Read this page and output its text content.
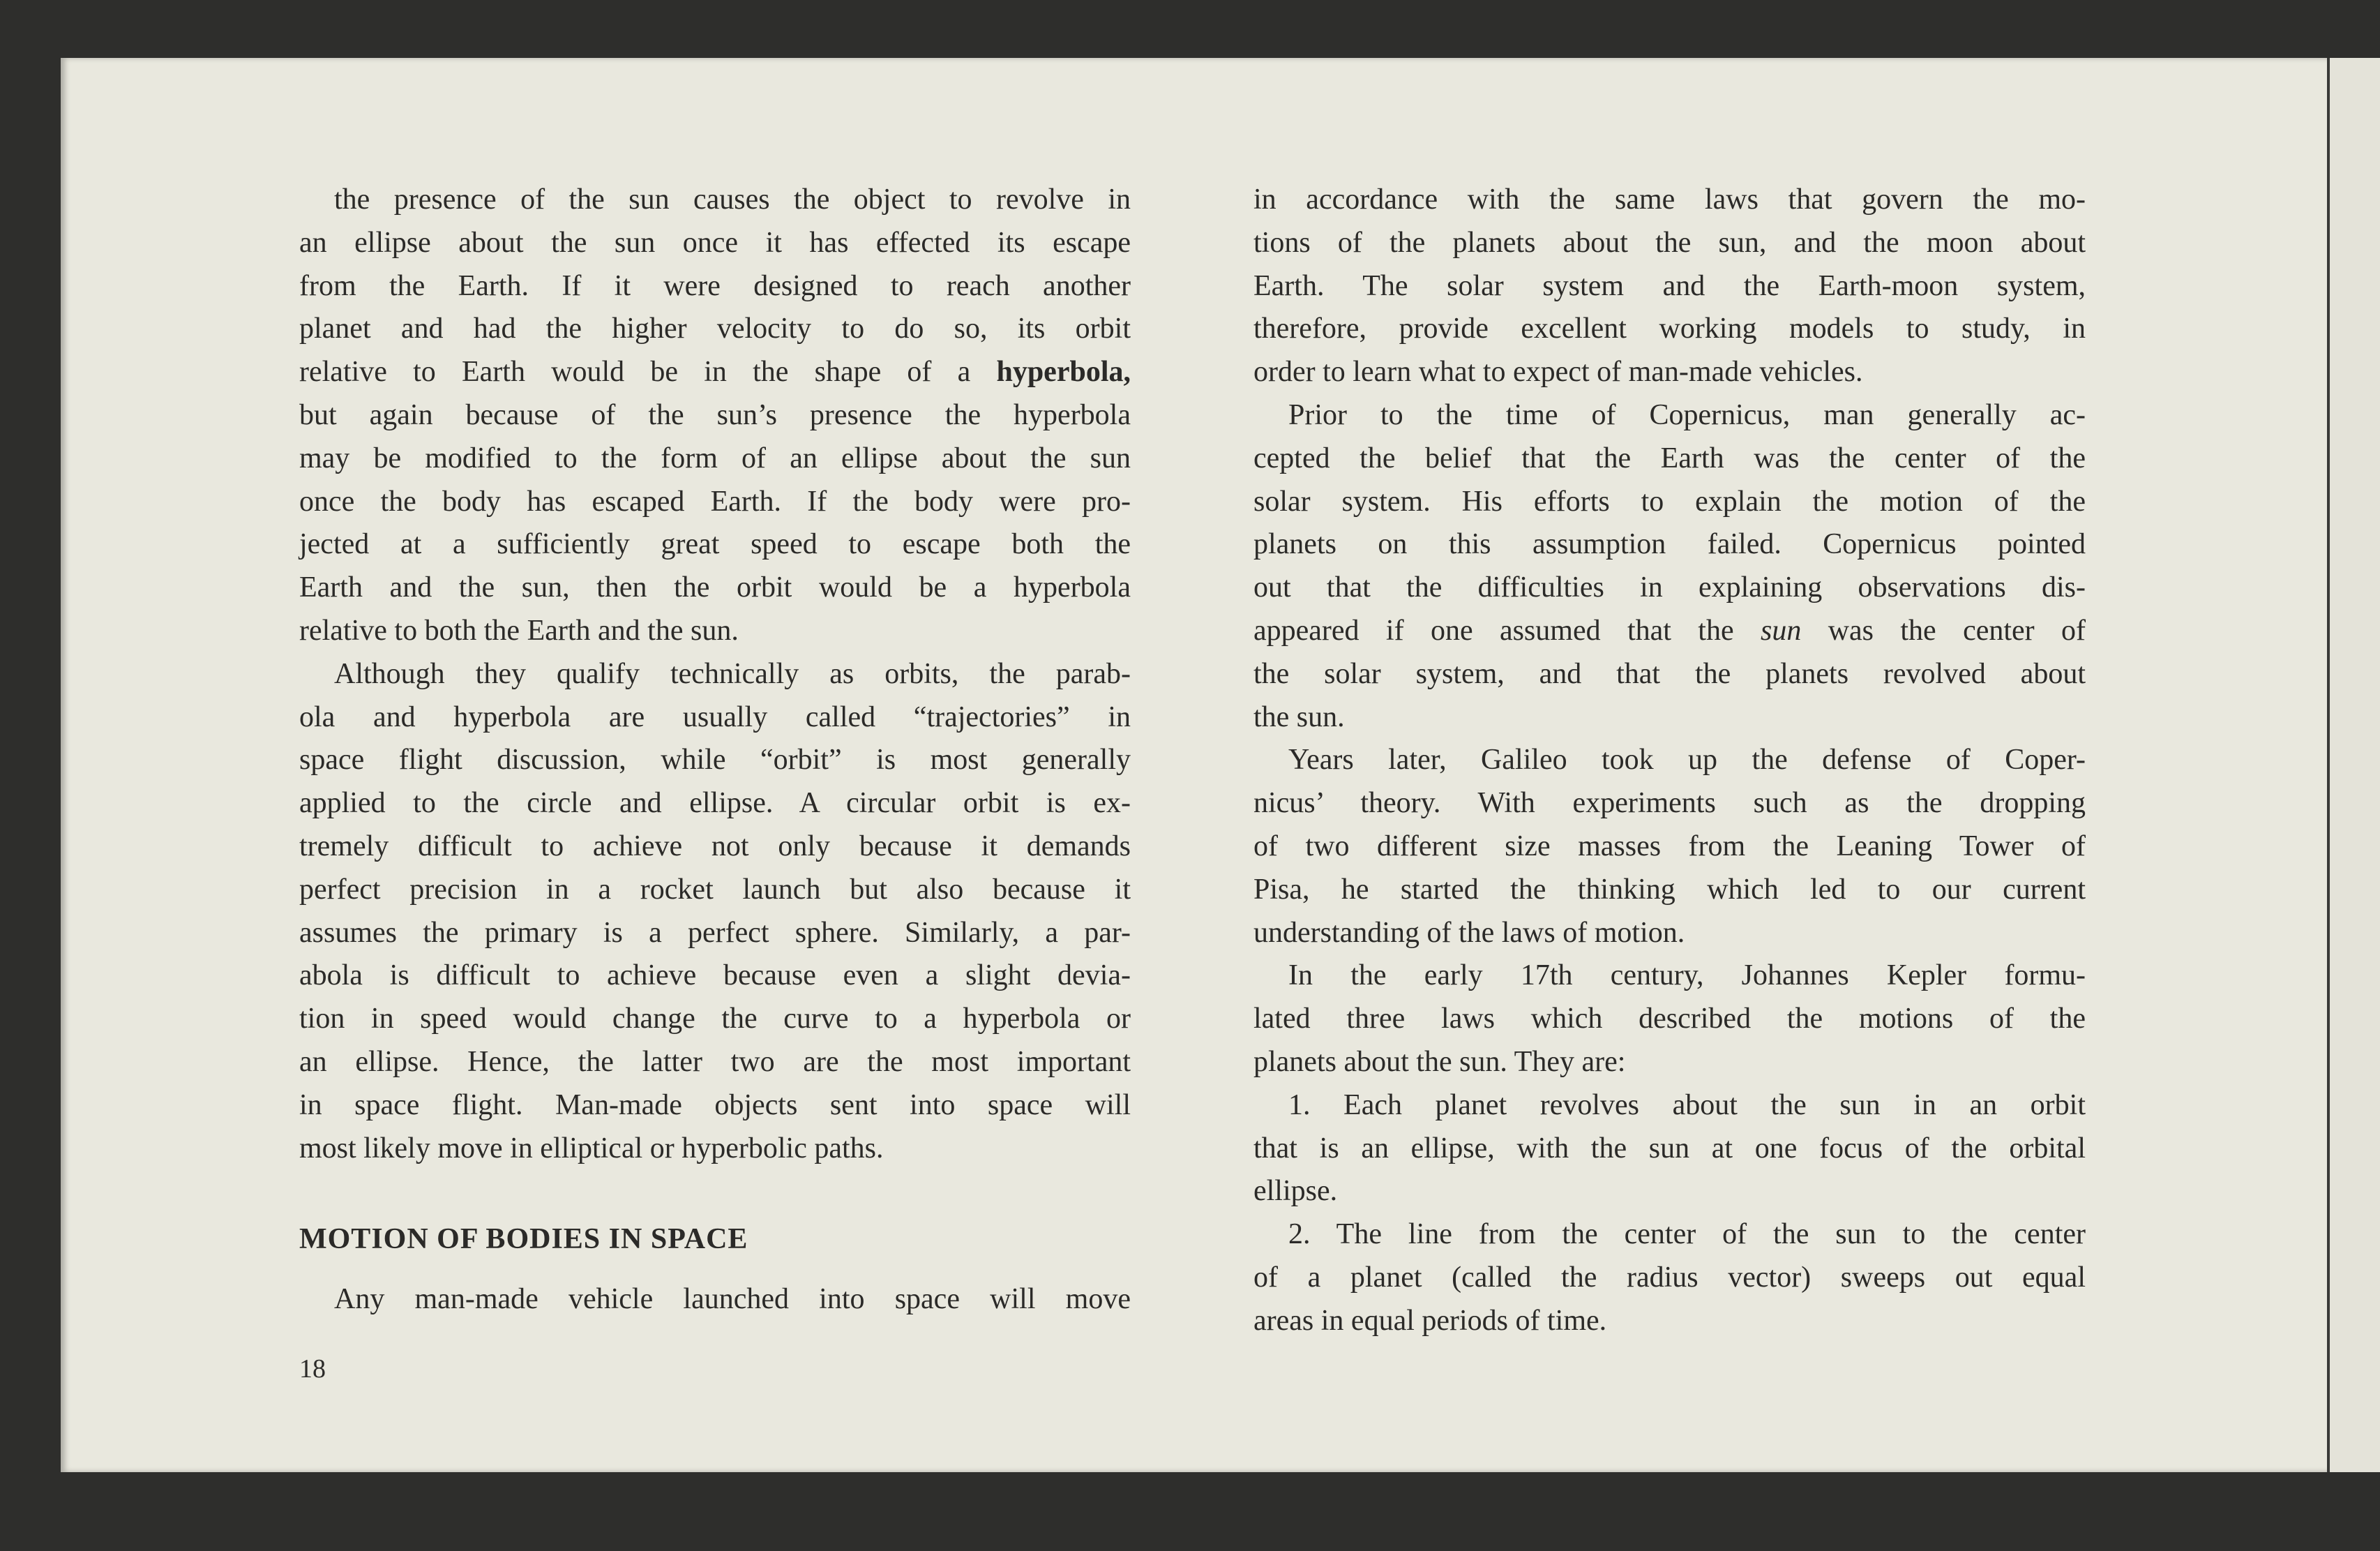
the presence of the sun causes the object to revolve in
an ellipse about the sun once it has effected its escape
from the Earth. If it were designed to reach another
planet and had the higher velocity to do so, its orbit
relative to Earth would be in the shape of a hyperbola,
but again because of the sun’s presence the hyperbola
may be modified to the form of an ellipse about the sun
once the body has escaped Earth. If the body were pro-
jected at a sufficiently great speed to escape both the
Earth and the sun, then the orbit would be a hyperbola
relative to both the Earth and the sun.
Although they qualify technically as orbits, the parab-
ola and hyperbola are usually called “trajectories” in
space flight discussion, while “orbit” is most generally
applied to the circle and ellipse. A circular orbit is ex-
tremely difficult to achieve not only because it demands
perfect precision in a rocket launch but also because it
assumes the primary is a perfect sphere. Similarly, a par-
abola is difficult to achieve because even a slight devia-
tion in speed would change the curve to a hyperbola or
an ellipse. Hence, the latter two are the most important
in space flight. Man-made objects sent into space will
most likely move in elliptical or hyperbolic paths.
MOTION OF BODIES IN SPACE
Any man-made vehicle launched into space will move
18
in accordance with the same laws that govern the mo-
tions of the planets about the sun, and the moon about
Earth. The solar system and the Earth-moon system,
therefore, provide excellent working models to study, in
order to learn what to expect of man-made vehicles.
Prior to the time of Copernicus, man generally ac-
cepted the belief that the Earth was the center of the
solar system. His efforts to explain the motion of the
planets on this assumption failed. Copernicus pointed
out that the difficulties in explaining observations dis-
appeared if one assumed that the sun was the center of
the solar system, and that the planets revolved about
the sun.
Years later, Galileo took up the defense of Coper-
nicus’ theory. With experiments such as the dropping
of two different size masses from the Leaning Tower of
Pisa, he started the thinking which led to our current
understanding of the laws of motion.
In the early 17th century, Johannes Kepler formu-
lated three laws which described the motions of the
planets about the sun. They are:
1. Each planet revolves about the sun in an orbit
that is an ellipse, with the sun at one focus of the orbital
ellipse.
2. The line from the center of the sun to the center
of a planet (called the radius vector) sweeps out equal
areas in equal periods of time.
